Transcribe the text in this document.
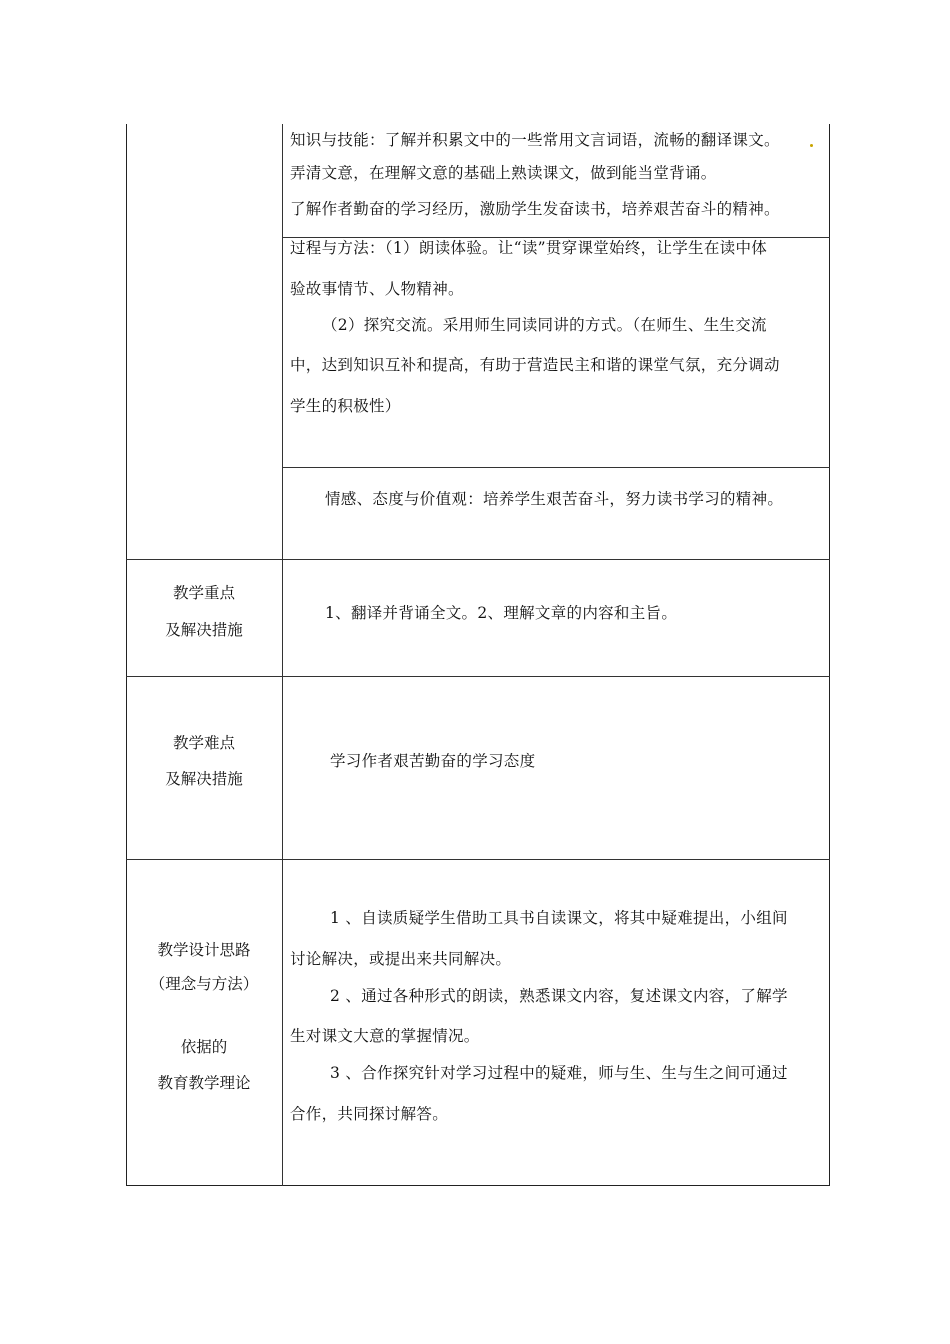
知识与技能：了解并积累文中的一些常用文言词语，流畅的翻译课文。
弄清文意，在理解文意的基础上熟读课文，做到能当堂背诵。
了解作者勤奋的学习经历，激励学生发奋读书，培养艰苦奋斗的精神。
过程与方法：（1）朗读体验。让“读”贯穿课堂始终，让学生在读中体
验故事情节、人物精神。
（2）探究交流。采用师生同读同讲的方式。（在师生、生生交流
中，达到知识互补和提高，有助于营造民主和谐的课堂气氛，充分调动
学生的积极性）
情感、态度与价值观：培养学生艰苦奋斗，努力读书学习的精神。
教学重点
及解决措施
1、翻译并背诵全文。2、理解文章的内容和主旨。
教学难点
及解决措施
学习作者艰苦勤奋的学习态度
教学设计思路
（理念与方法）
依据的
教育教学理论
1 、自读质疑学生借助工具书自读课文，将其中疑难提出，小组间
讨论解决，或提出来共同解决。
2 、通过各种形式的朗读，熟悉课文内容，复述课文内容，了解学
生对课文大意的掌握情况。
3 、合作探究针对学习过程中的疑难，师与生、生与生之间可通过
合作，共同探讨解答。
